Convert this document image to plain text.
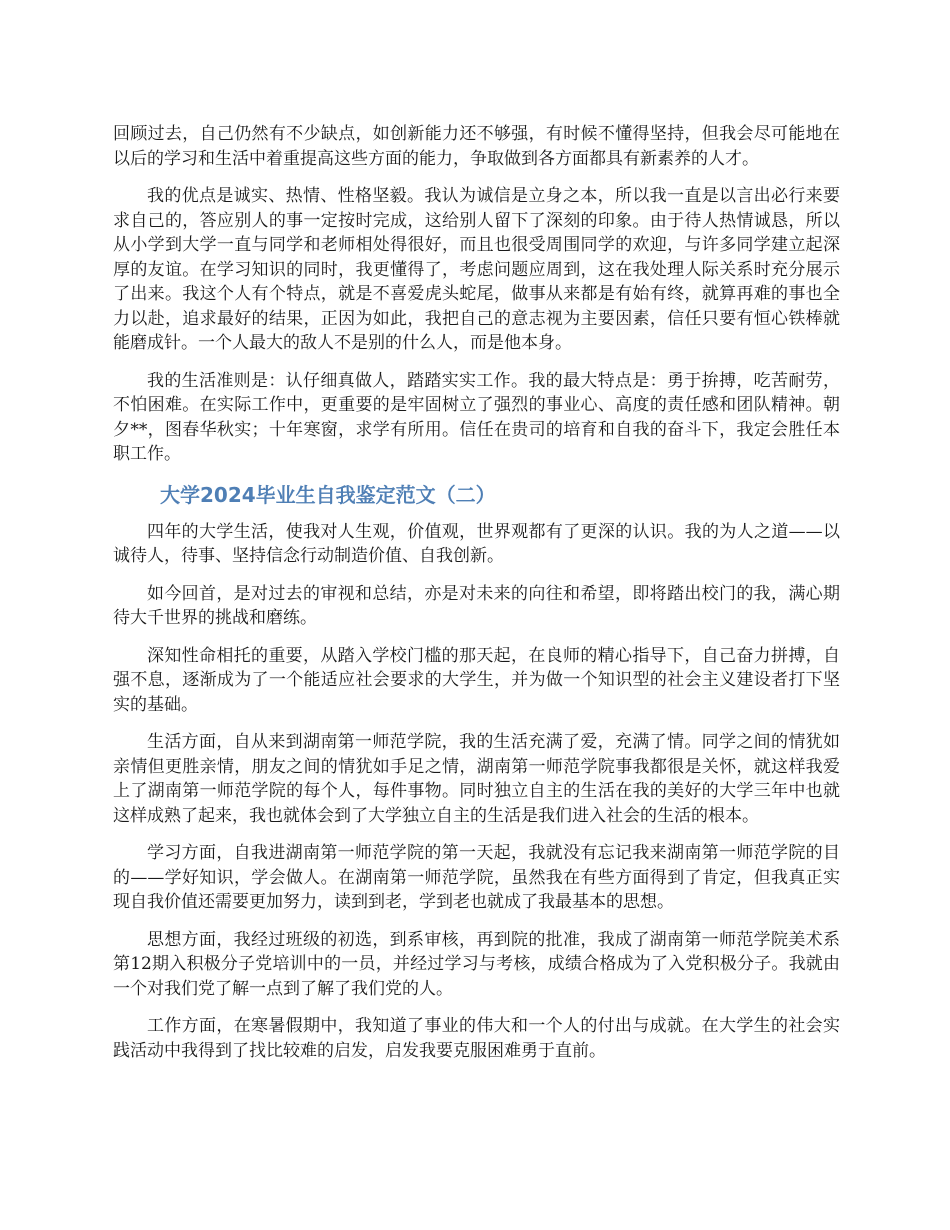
回顾过去，自己仍然有不少缺点，如创新能力还不够强，有时候不懂得坚持，但我会尽可能地在以后的学习和生活中着重提高这些方面的能力，争取做到各方面都具有新素养的人才。

我的优点是诚实、热情、性格坚毅。我认为诚信是立身之本，所以我一直是以言出必行来要求自己的，答应别人的事一定按时完成，这给别人留下了深刻的印象。由于待人热情诚恳，所以从小学到大学一直与同学和老师相处得很好，而且也很受周围同学的欢迎，与许多同学建立起深厚的友谊。在学习知识的同时，我更懂得了，考虑问题应周到，这在我处理人际关系时充分展示了出来。我这个人有个特点，就是不喜爱虎头蛇尾，做事从来都是有始有终，就算再难的事也全力以赴，追求最好的结果，正因为如此，我把自己的意志视为主要因素，信任只要有恒心铁棒就能磨成针。一个人最大的敌人不是别的什么人，而是他本身。

我的生活准则是：认仔细真做人，踏踏实实工作。我的最大特点是：勇于拚搏，吃苦耐劳，不怕困难。在实际工作中，更重要的是牢固树立了强烈的事业心、高度的责任感和团队精神。朝夕**，图春华秋实；十年寒窗，求学有所用。信任在贵司的培育和自我的奋斗下，我定会胜任本职工作。

大学2024毕业生自我鉴定范文（二）

四年的大学生活，使我对人生观，价值观，世界观都有了更深的认识。我的为人之道——以诚待人，待事、坚持信念行动制造价值、自我创新。

如今回首，是对过去的审视和总结，亦是对未来的向往和希望，即将踏出校门的我，满心期待大千世界的挑战和磨练。

深知性命相托的重要，从踏入学校门槛的那天起，在良师的精心指导下，自己奋力拼搏，自强不息，逐渐成为了一个能适应社会要求的大学生，并为做一个知识型的社会主义建设者打下坚实的基础。

生活方面，自从来到湖南第一师范学院，我的生活充满了爱，充满了情。同学之间的情犹如亲情但更胜亲情，朋友之间的情犹如手足之情，湖南第一师范学院事我都很是关怀，就这样我爱上了湖南第一师范学院的每个人，每件事物。同时独立自主的生活在我的美好的大学三年中也就这样成熟了起来，我也就体会到了大学独立自主的生活是我们进入社会的生活的根本。

学习方面，自我进湖南第一师范学院的第一天起，我就没有忘记我来湖南第一师范学院的目的——学好知识，学会做人。在湖南第一师范学院，虽然我在有些方面得到了肯定，但我真正实现自我价值还需要更加努力，读到到老，学到老也就成了我最基本的思想。

思想方面，我经过班级的初选，到系审核，再到院的批准，我成了湖南第一师范学院美术系第12期入积极分子党培训中的一员，并经过学习与考核，成绩合格成为了入党积极分子。我就由一个对我们党了解一点到了解了我们党的人。

工作方面，在寒暑假期中，我知道了事业的伟大和一个人的付出与成就。在大学生的社会实践活动中我得到了找比较难的启发，启发我要克服困难勇于直前。
